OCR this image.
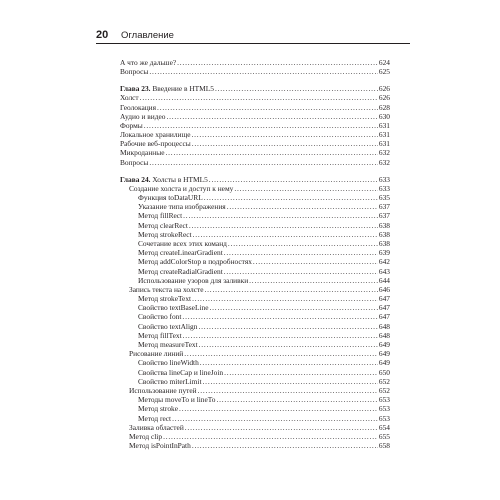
20 Оглавление
А что же дальше? .....	624
Вопросы .....	625
Глава 23. Введение в HTML5 .....	626
Холст .....	626
Геолокация .....	628
Аудио и видео .....	630
Формы .....	631
Локальное хранилище .....	631
Рабочие веб-процессы .....	631
Микроданные .....	632
Вопросы .....	632
Глава 24. Холсты в HTML5 .....	633
Создание холста и доступ к нему .....	633
Функция toDataURL .....	635
Указание типа изображения .....	637
Метод fillRect .....	637
Метод clearRect .....	638
Метод strokeRect .....	638
Сочетание всех этих команд .....	638
Метод createLinearGradient .....	639
Метод addColorStop в подробностях .....	642
Метод createRadialGradient .....	643
Использование узоров для заливки .....	644
Запись текста на холсте .....	646
Метод strokeText .....	647
Свойство textBaseLine .....	647
Свойство font .....	647
Свойство textAlign .....	648
Метод fillText .....	648
Метод measureText .....	649
Рисование линий .....	649
Свойство lineWidth .....	649
Свойства lineCap и lineJoin .....	650
Свойство miterLimit .....	652
Использование путей .....	652
Методы moveTo и lineTo .....	653
Метод stroke .....	653
Метод rect .....	653
Заливка областей .....	654
Метод clip .....	655
Метод isPointInPath .....	658
